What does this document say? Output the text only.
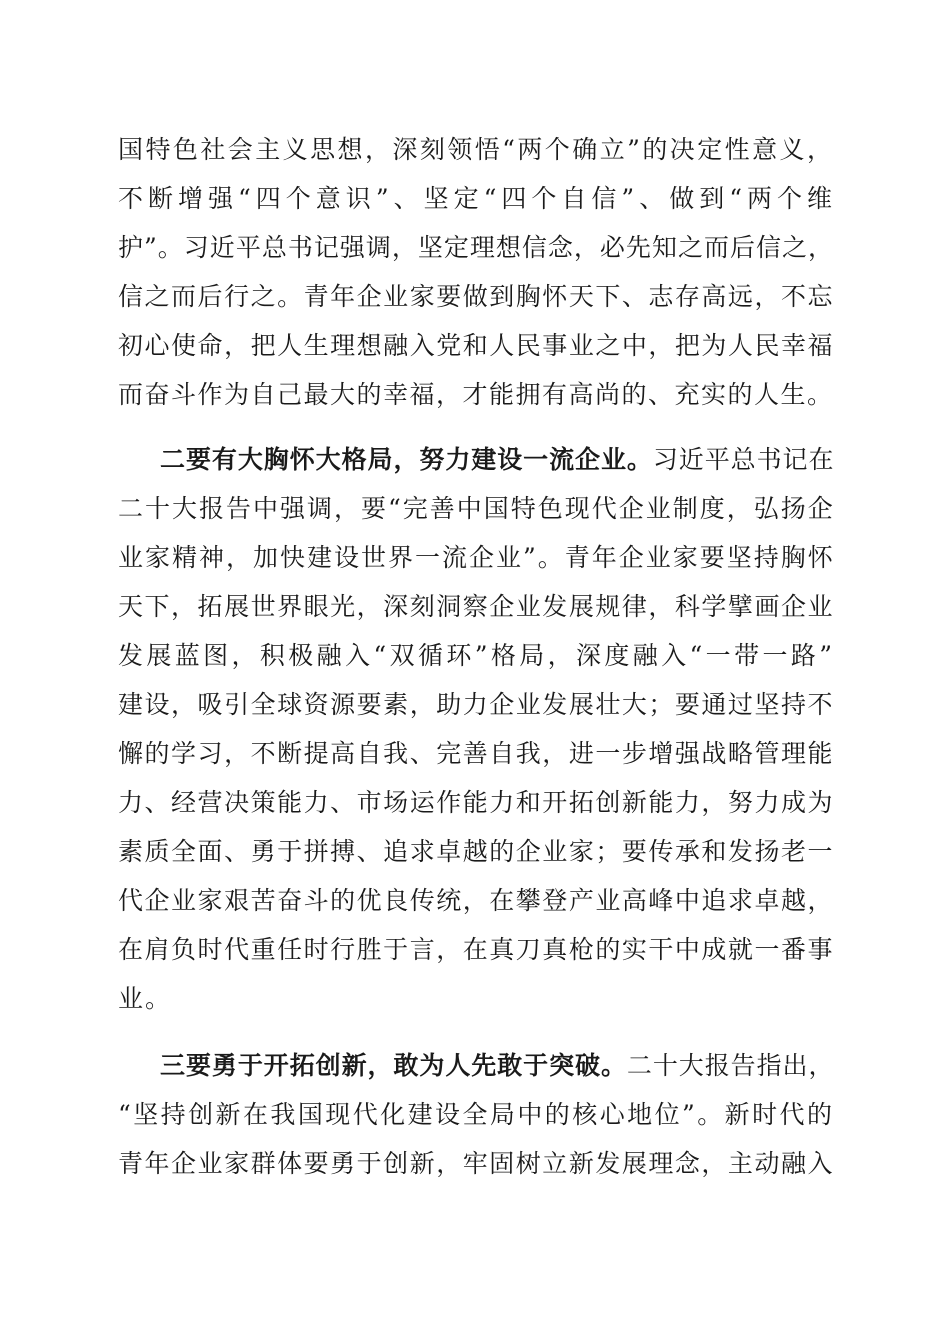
国特色社会主义思想，深刻领悟“两个确立”的决定性意义，
不断增强“四个意识”、坚定“四个自信”、做到“两个维
护”。习近平总书记强调，坚定理想信念，必先知之而后信之，
信之而后行之。青年企业家要做到胸怀天下、志存高远，不忘
初心使命，把人生理想融入党和人民事业之中，把为人民幸福
而奋斗作为自己最大的幸福，才能拥有高尚的、充实的人生。
二要有大胸怀大格局，努力建设一流企业。习近平总书记在
二十大报告中强调，要“完善中国特色现代企业制度，弘扬企
业家精神，加快建设世界一流企业”。青年企业家要坚持胸怀
天下，拓展世界眼光，深刻洞察企业发展规律，科学擘画企业
发展蓝图，积极融入“双循环”格局，深度融入“一带一路”
建设，吸引全球资源要素，助力企业发展壮大；要通过坚持不
懈的学习，不断提高自我、完善自我，进一步增强战略管理能
力、经营决策能力、市场运作能力和开拓创新能力，努力成为
素质全面、勇于拼搏、追求卓越的企业家；要传承和发扬老一
代企业家艰苦奋斗的优良传统，在攀登产业高峰中追求卓越，
在肩负时代重任时行胜于言，在真刀真枪的实干中成就一番事
业。
三要勇于开拓创新，敢为人先敢于突破。二十大报告指出，
“坚持创新在我国现代化建设全局中的核心地位”。新时代的
青年企业家群体要勇于创新，牢固树立新发展理念，主动融入
